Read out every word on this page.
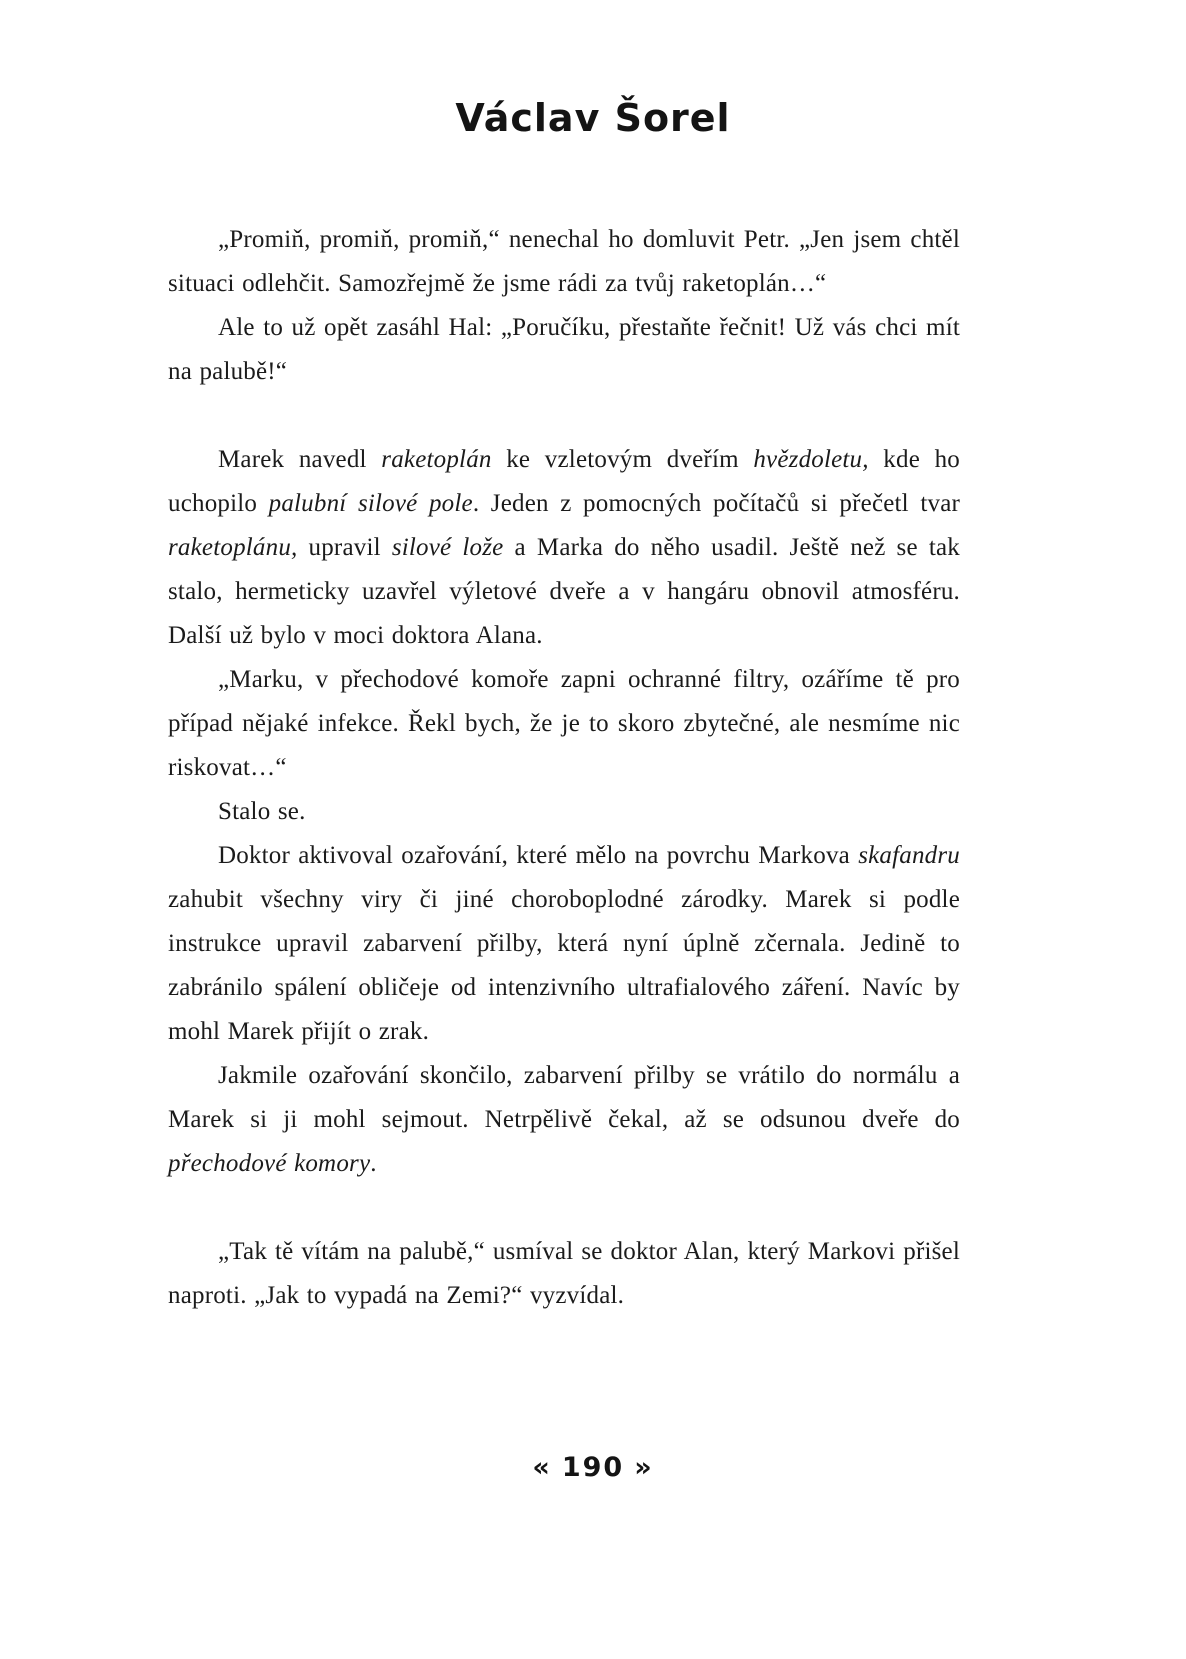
Václav Šorel

„Promiň, promiň, promiň,“ nenechal ho domluvit Petr. „Jen jsem chtěl situaci odlehčit. Samozřejmě že jsme rádi za tvůj raketoplán…“

Ale to už opět zasáhl Hal: „Poručíku, přestaňte řečnit! Už vás chci mít na palubě!“

Marek navedl raketoplán ke vzletovým dveřím hvězdoletu, kde ho uchopilo palubní silové pole. Jeden z pomocných počítačů si přečetl tvar raketoplánu, upravil silové lože a Marka do něho usadil. Ještě než se tak stalo, hermeticky uzavřel výletové dveře a v hangáru obnovil atmosféru. Další už bylo v moci doktora Alana.

„Marku, v přechodové komoře zapni ochranné filtry, ozáříme tě pro případ nějaké infekce. Řekl bych, že je to skoro zbytečné, ale nesmíme nic riskovat…“

Stalo se.

Doktor aktivoval ozařování, které mělo na povrchu Markova skafandru zahubit všechny viry či jiné choroboplodné zárodky. Marek si podle instrukce upravil zabarvení přilby, která nyní úplně zčernala. Jedině to zabránilo spálení obličeje od intenzivního ultrafialového záření. Navíc by mohl Marek přijít o zrak.

Jakmile ozařování skončilo, zabarvení přilby se vrátilo do normálu a Marek si ji mohl sejmout. Netrpělivě čekal, až se odsunou dveře do přechodové komory.

„Tak tě vítám na palubě,“ usmíval se doktor Alan, který Markovi přišel naproti. „Jak to vypadá na Zemi?“ vyzvídal.

« 190 »
